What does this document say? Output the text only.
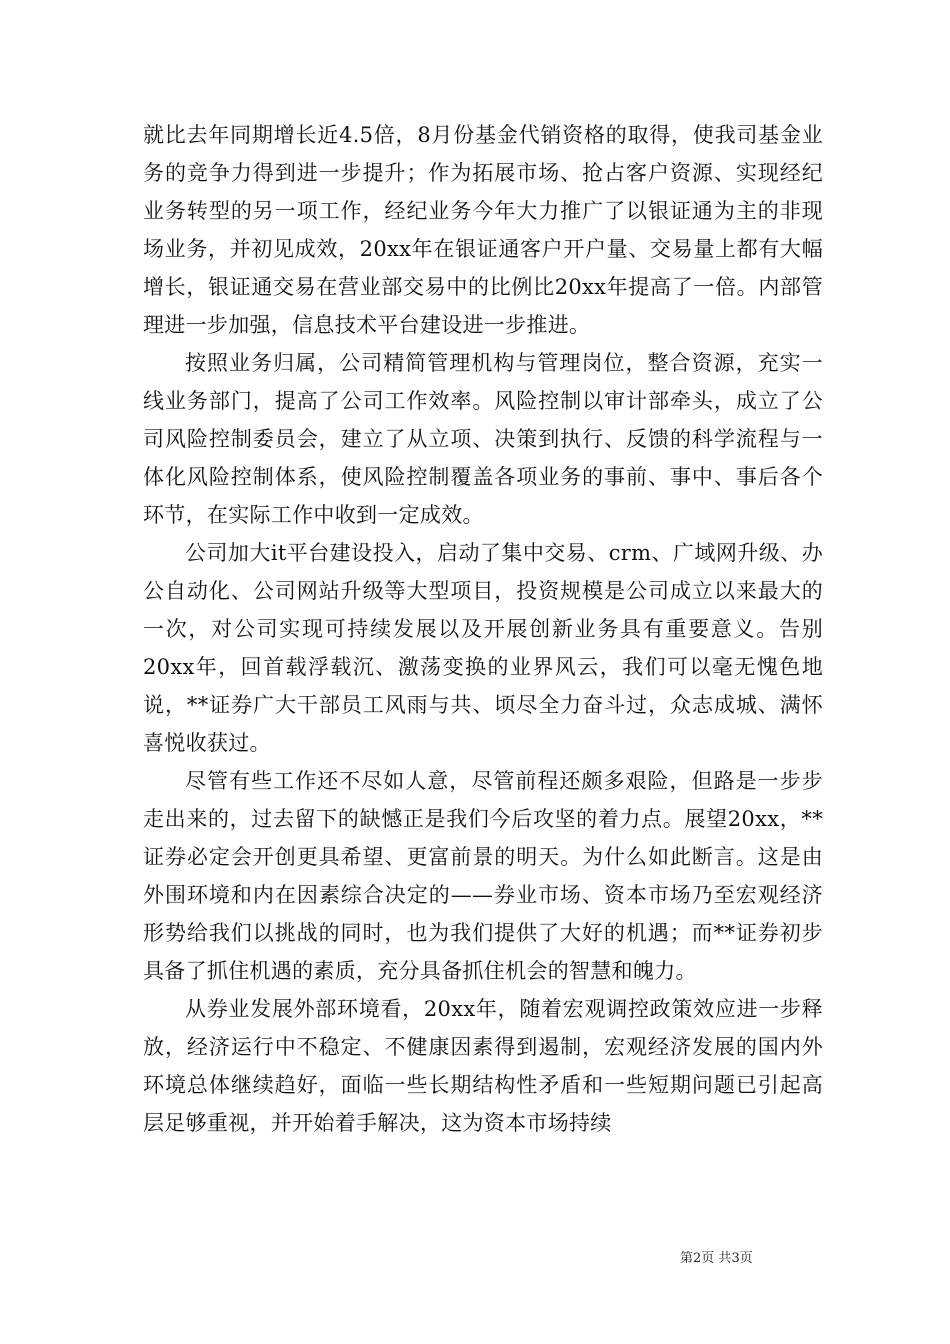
就比去年同期增长近4.5倍，8月份基金代销资格的取得，使我司基金业务的竞争力得到进一步提升；作为拓展市场、抢占客户资源、实现经纪业务转型的另一项工作，经纪业务今年大力推广了以银证通为主的非现场业务，并初见成效，20xx年在银证通客户开户量、交易量上都有大幅增长，银证通交易在营业部交易中的比例比20xx年提高了一倍。内部管理进一步加强，信息技术平台建设进一步推进。

按照业务归属，公司精简管理机构与管理岗位，整合资源，充实一线业务部门，提高了公司工作效率。风险控制以审计部牵头，成立了公司风险控制委员会，建立了从立项、决策到执行、反馈的科学流程与一体化风险控制体系，使风险控制覆盖各项业务的事前、事中、事后各个环节，在实际工作中收到一定成效。

公司加大it平台建设投入，启动了集中交易、crm、广域网升级、办公自动化、公司网站升级等大型项目，投资规模是公司成立以来最大的一次，对公司实现可持续发展以及开展创新业务具有重要意义。告别20xx年，回首载浮载沉、激荡变换的业界风云，我们可以毫无愧色地说，**证券广大干部员工风雨与共、顷尽全力奋斗过，众志成城、满怀喜悦收获过。

尽管有些工作还不尽如人意，尽管前程还颇多艰险，但路是一步步走出来的，过去留下的缺憾正是我们今后攻坚的着力点。展望20xx，**证券必定会开创更具希望、更富前景的明天。为什么如此断言。这是由外围环境和内在因素综合决定的——券业市场、资本市场乃至宏观经济形势给我们以挑战的同时，也为我们提供了大好的机遇；而**证券初步具备了抓住机遇的素质，充分具备抓住机会的智慧和魄力。

从券业发展外部环境看，20xx年，随着宏观调控政策效应进一步释放，经济运行中不稳定、不健康因素得到遏制，宏观经济发展的国内外环境总体继续趋好，面临一些长期结构性矛盾和一些短期问题已引起高层足够重视，并开始着手解决，这为资本市场持续

第2页 共3页
